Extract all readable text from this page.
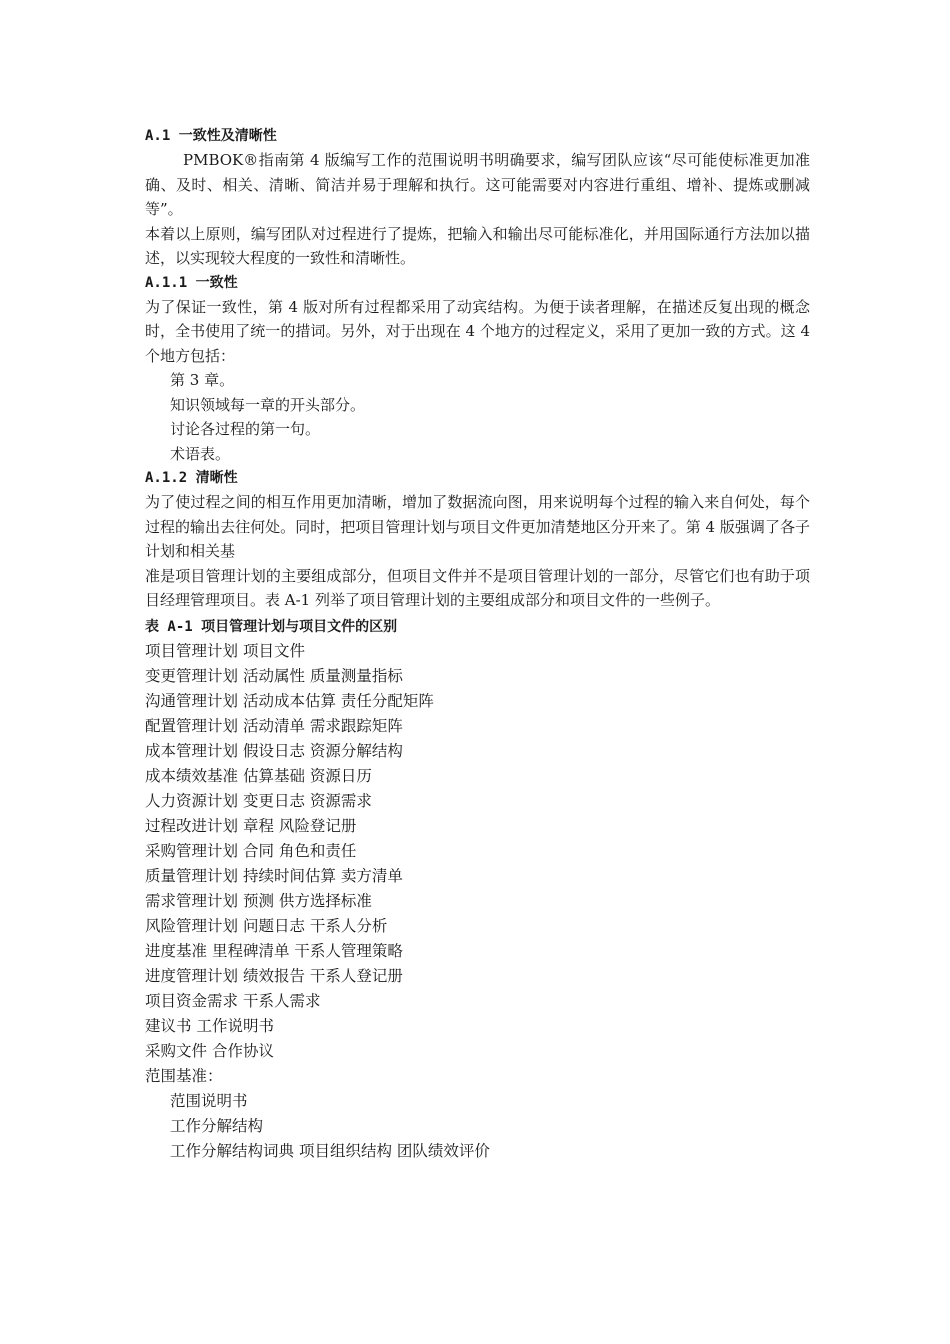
A.1 一致性及清晰性
PMBOK®指南第 4 版编写工作的范围说明书明确要求，编写团队应该“尽可能使标准更加准确、及时、相关、清晰、简洁并易于理解和执行。这可能需要对内容进行重组、增补、提炼或删减等”。
本着以上原则，编写团队对过程进行了提炼，把输入和输出尽可能标准化，并用国际通行方法加以描述，以实现较大程度的一致性和清晰性。
A.1.1 一致性
为了保证一致性，第 4 版对所有过程都采用了动宾结构。为便于读者理解，在描述反复出现的概念时，全书使用了统一的措词。另外，对于出现在 4 个地方的过程定义，采用了更加一致的方式。这 4 个地方包括：
第 3 章。
知识领域每一章的开头部分。
讨论各过程的第一句。
术语表。
A.1.2 清晰性
为了使过程之间的相互作用更加清晰，增加了数据流向图，用来说明每个过程的输入来自何处，每个过程的输出去往何处。同时，把项目管理计划与项目文件更加清楚地区分开来了。第 4 版强调了各子计划和相关基
准是项目管理计划的主要组成部分，但项目文件并不是项目管理计划的一部分，尽管它们也有助于项目经理管理项目。表 A-1 列举了项目管理计划的主要组成部分和项目文件的一些例子。
表 A-1 项目管理计划与项目文件的区别
项目管理计划 项目文件
变更管理计划 活动属性 质量测量指标
沟通管理计划 活动成本估算 责任分配矩阵
配置管理计划 活动清单 需求跟踪矩阵
成本管理计划 假设日志 资源分解结构
成本绩效基准 估算基础 资源日历
人力资源计划 变更日志 资源需求
过程改进计划 章程 风险登记册
采购管理计划 合同 角色和责任
质量管理计划 持续时间估算 卖方清单
需求管理计划 预测 供方选择标准
风险管理计划 问题日志 干系人分析
进度基准 里程碑清单 干系人管理策略
进度管理计划 绩效报告 干系人登记册
项目资金需求 干系人需求
建议书 工作说明书
采购文件 合作协议
范围基准：
范围说明书
工作分解结构
工作分解结构词典 项目组织结构 团队绩效评价
